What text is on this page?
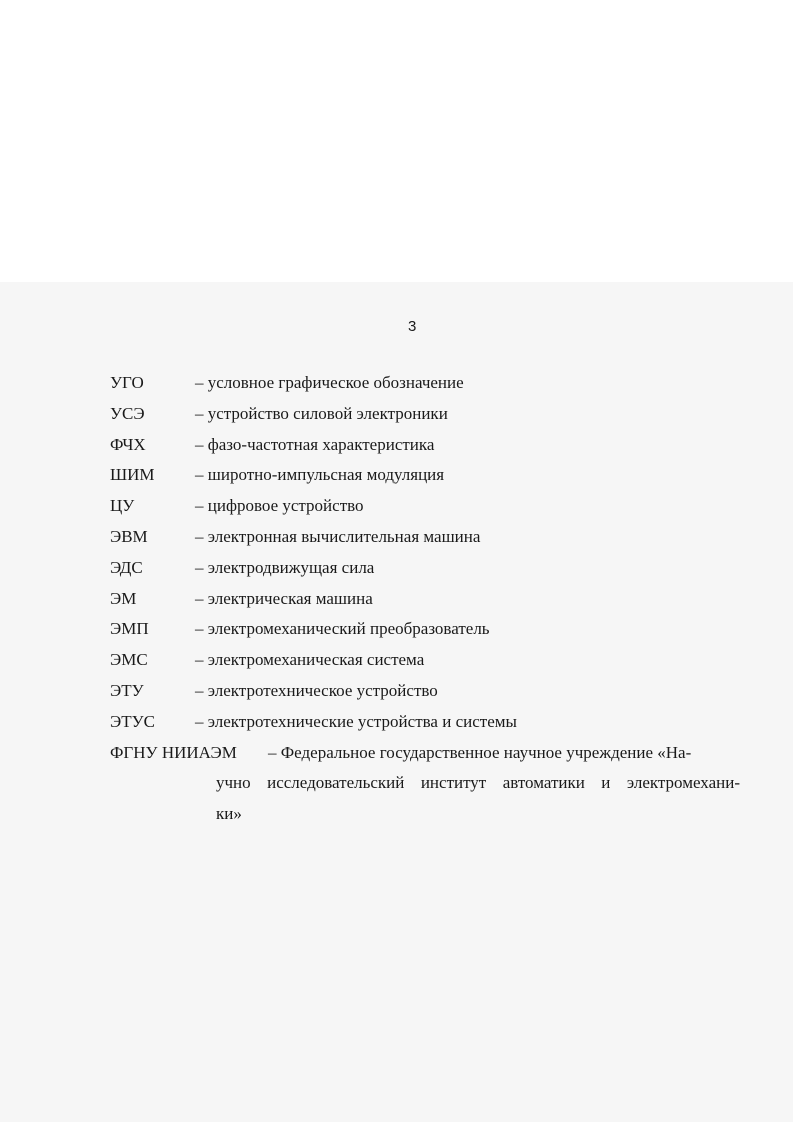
3
УГО	– условное графическое обозначение
УСЭ	– устройство силовой электроники
ФЧХ	– фазо-частотная характеристика
ШИМ – широтно-импульсная модуляция
ЦУ	– цифровое устройство
ЭВМ	– электронная вычислительная машина
ЭДС	– электродвижущая сила
ЭМ	– электрическая машина
ЭМП	– электромеханический преобразователь
ЭМС	– электромеханическая система
ЭТУ	– электротехническое устройство
ЭТУС – электротехнические устройства и системы
ФГНУ НИИАЭМ – Федеральное государственное научное учреждение «На-
учно исследовательский институт автоматики и электромехани-
ки»
